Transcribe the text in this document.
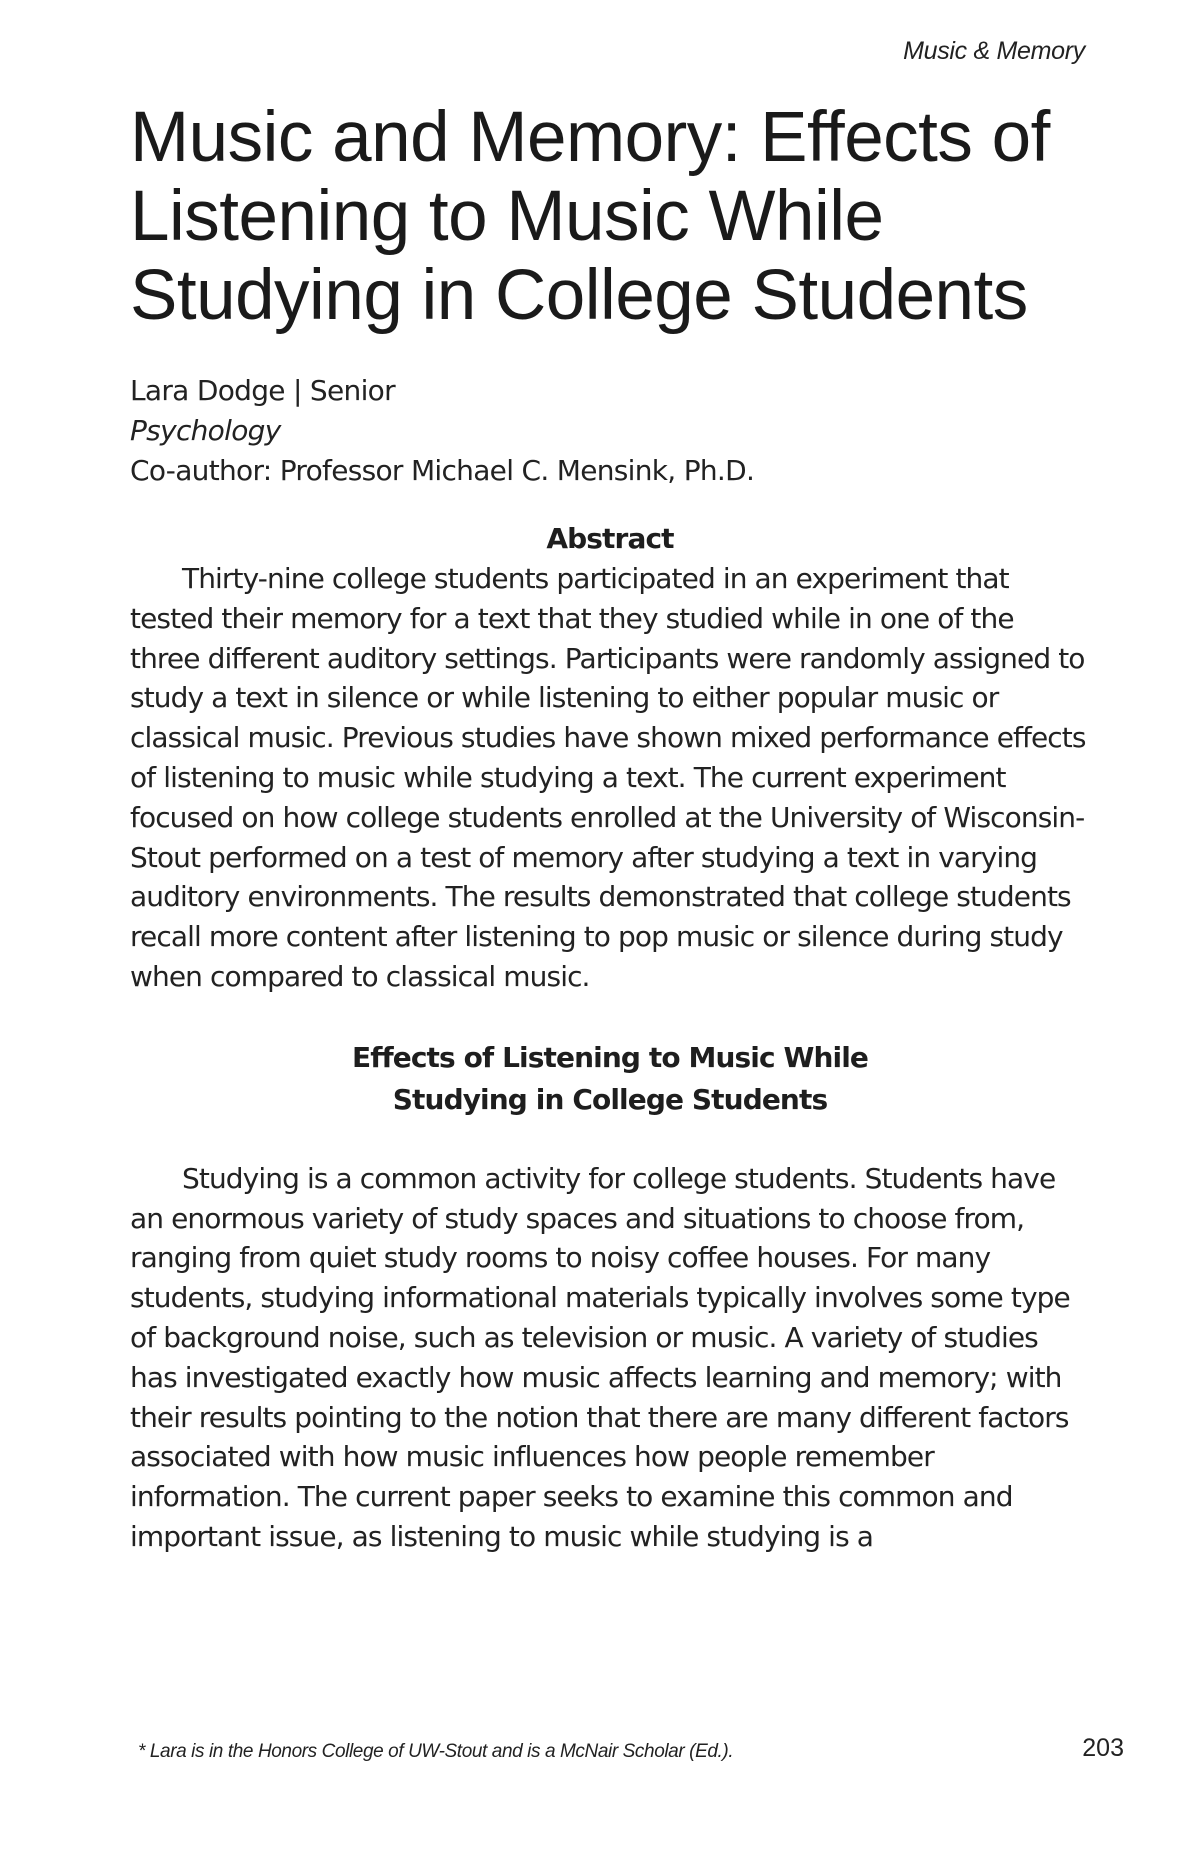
Music & Memory
Music and Memory: Effects of Listening to Music While Studying in College Students
Lara Dodge | Senior
Psychology
Co-author: Professor Michael C. Mensink, Ph.D.
Abstract

Thirty-nine college students participated in an experiment that tested their memory for a text that they studied while in one of the three different auditory settings. Participants were randomly assigned to study a text in silence or while listening to either popular music or classical music. Previous studies have shown mixed performance effects of listening to music while studying a text. The current experiment focused on how college students enrolled at the University of Wisconsin-Stout performed on a test of memory after studying a text in varying auditory environments. The results demonstrated that college students recall more content after listening to pop music or silence during study when compared to classical music.

Effects of Listening to Music While
Studying in College Students

Studying is a common activity for college students. Students have an enormous variety of study spaces and situations to choose from, ranging from quiet study rooms to noisy coffee houses. For many students, studying informational materials typically involves some type of background noise, such as television or music. A variety of studies has investigated exactly how music affects learning and memory; with their results pointing to the notion that there are many different factors associated with how music influences how people remember information. The current paper seeks to examine this common and important issue, as listening to music while studying is a

* Lara is in the Honors College of UW-Stout and is a McNair Scholar (Ed.).	203
